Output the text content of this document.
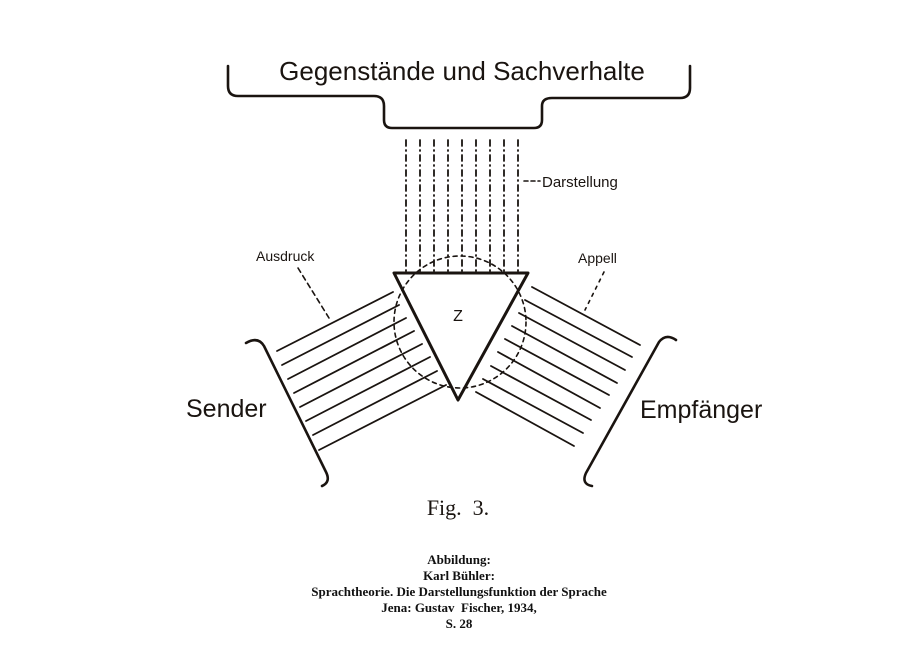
Gegenstände und Sachverhalte
Darstellung
Z
Ausdruck
Sender
Appell
Empfänger
Fig.  3.
Abbildung:
Karl Bühler:
Sprachtheorie. Die Darstellungsfunktion der Sprache
Jena: Gustav  Fischer, 1934,
S. 28
